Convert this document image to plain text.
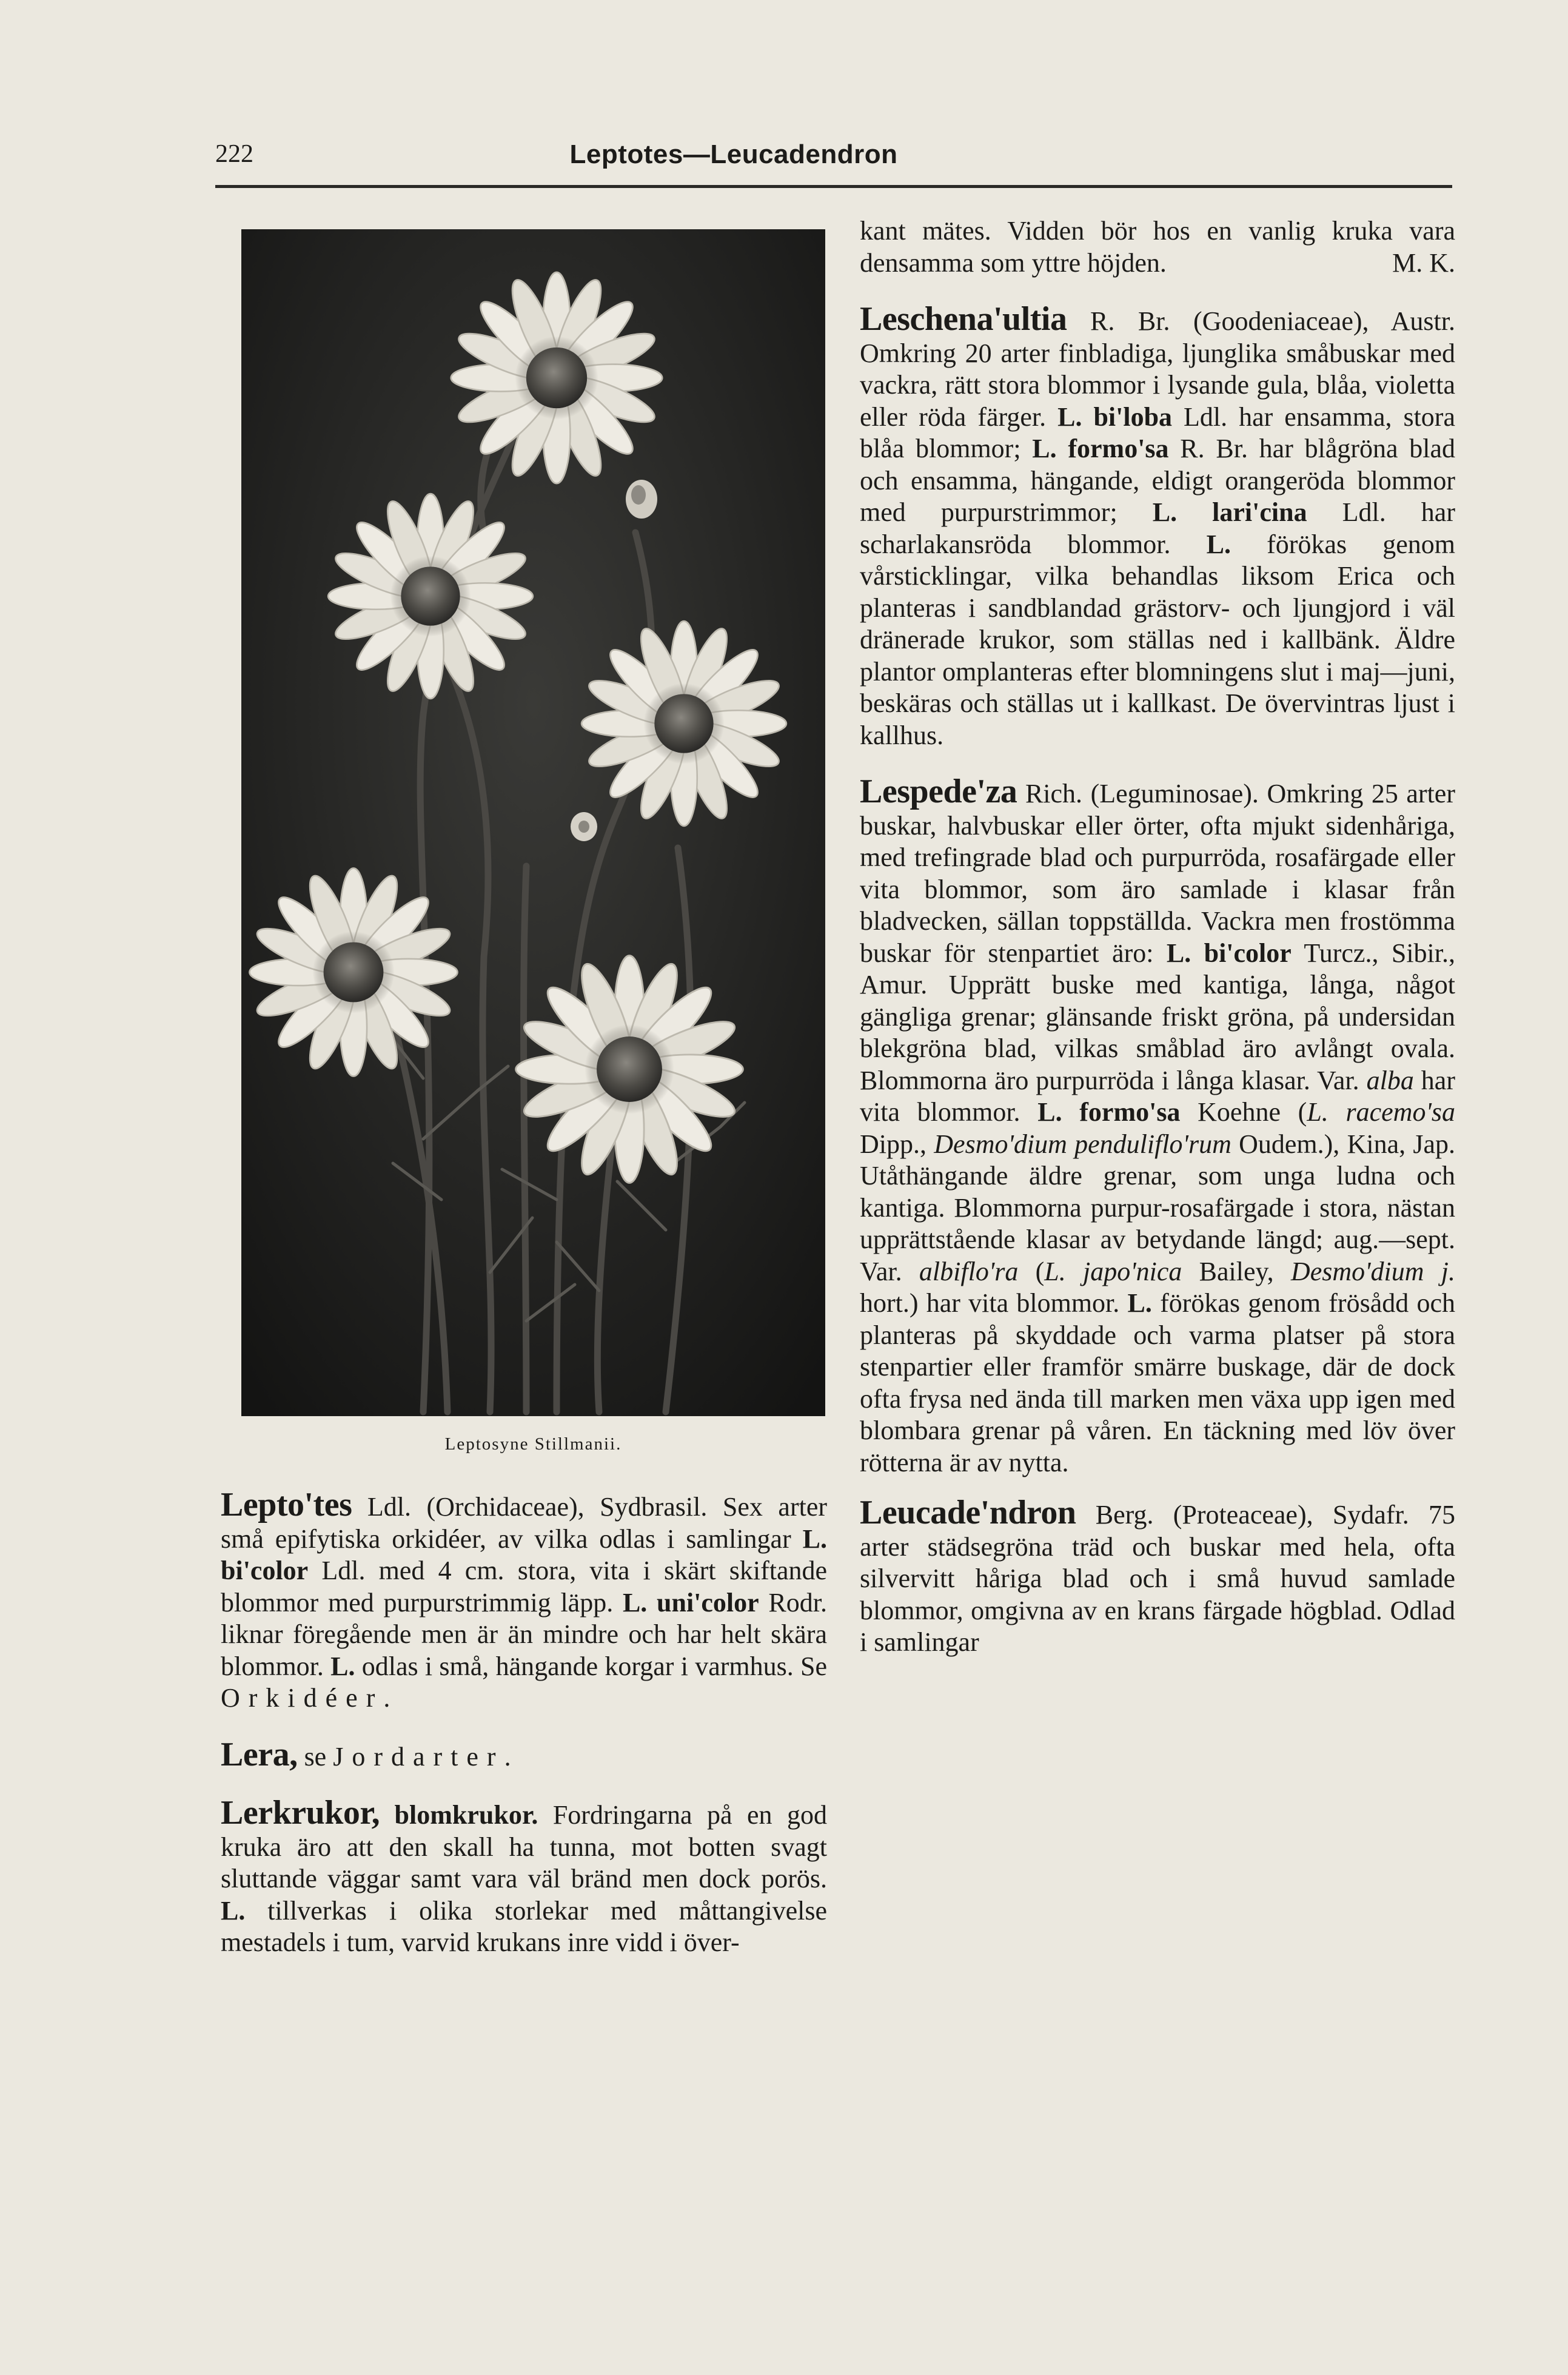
222	Leptotes—Leucadendron
Leptosyne Stillmanii.

Lepto'tes Ldl. (Orchidaceae), Sydbrasil. Sex arter små epifytiska orkidéer, av vilka odlas i samlingar L. bi'color Ldl. med 4 cm. stora, vita i skärt skiftande blommor med purpurstrimmig läpp. L. uni'color Rodr. liknar föregående men är än mindre och har helt skära blommor. L. odlas i små, hängande korgar i varmhus. Se Orkidéer.

Lera, se Jordarter.

Lerkrukor, blomkrukor. Fordringarna på en god kruka äro att den skall ha tunna, mot botten svagt sluttande väggar samt vara väl bränd men dock porös. L. tillverkas i olika storlekar med måttangivelse mestadels i tum, varvid krukans inre vidd i över-

kant mätes. Vidden bör hos en vanlig kruka vara densamma som yttre höjden.	M. K.

Leschena'ultia R. Br. (Goodeniaceae), Austr. Omkring 20 arter finbladiga, ljunglika småbuskar med vackra, rätt stora blommor i lysande gula, blåa, violetta eller röda färger. L. bi'loba Ldl. har ensamma, stora blåa blommor; L. formo'sa R. Br. har blågröna blad och ensamma, hängande, eldigt orangeröda blommor med purpurstrimmor; L. lari'cina Ldl. har scharlakansröda blommor. L. förökas genom vårsticklingar, vilka behandlas liksom Erica och planteras i sandblandad grästorv- och ljungjord i väl dränerade krukor, som ställas ned i kallbänk. Äldre plantor omplanteras efter blomningens slut i maj—juni, beskäras och ställas ut i kallkast. De övervintras ljust i kallhus.

Lespede'za Rich. (Leguminosae). Omkring 25 arter buskar, halvbuskar eller örter, ofta mjukt sidenhåriga, med trefingrade blad och purpurröda, rosafärgade eller vita blommor, som äro samlade i klasar från bladvecken, sällan toppställda. Vackra men frostömma buskar för stenpartiet äro: L. bi'color Turcz., Sibir., Amur. Upprätt buske med kantiga, långa, något gängliga grenar; glänsande friskt gröna, på undersidan blekgröna blad, vilkas småblad äro avlångt ovala. Blommorna äro purpurröda i långa klasar. Var. alba har vita blommor. L. formo'sa Koehne (L. racemo'sa Dipp., Desmo'dium penduliflo'rum Oudem.), Kina, Jap. Utåthängande äldre grenar, som unga ludna och kantiga. Blommorna purpur-rosafärgade i stora, nästan upprättstående klasar av betydande längd; aug.—sept. Var. albiflo'ra (L. japo'nica Bailey, Desmo'dium j. hort.) har vita blommor. L. förökas genom frösådd och planteras på skyddade och varma platser på stora stenpartier eller framför smärre buskage, där de dock ofta frysa ned ända till marken men växa upp igen med blombara grenar på våren. En täckning med löv över rötterna är av nytta.

Leucade'ndron Berg. (Proteaceae), Sydafr. 75 arter städsegröna träd och buskar med hela, ofta silvervitt håriga blad och i små huvud samlade blommor, omgivna av en krans färgade högblad. Odlad i samlingar
